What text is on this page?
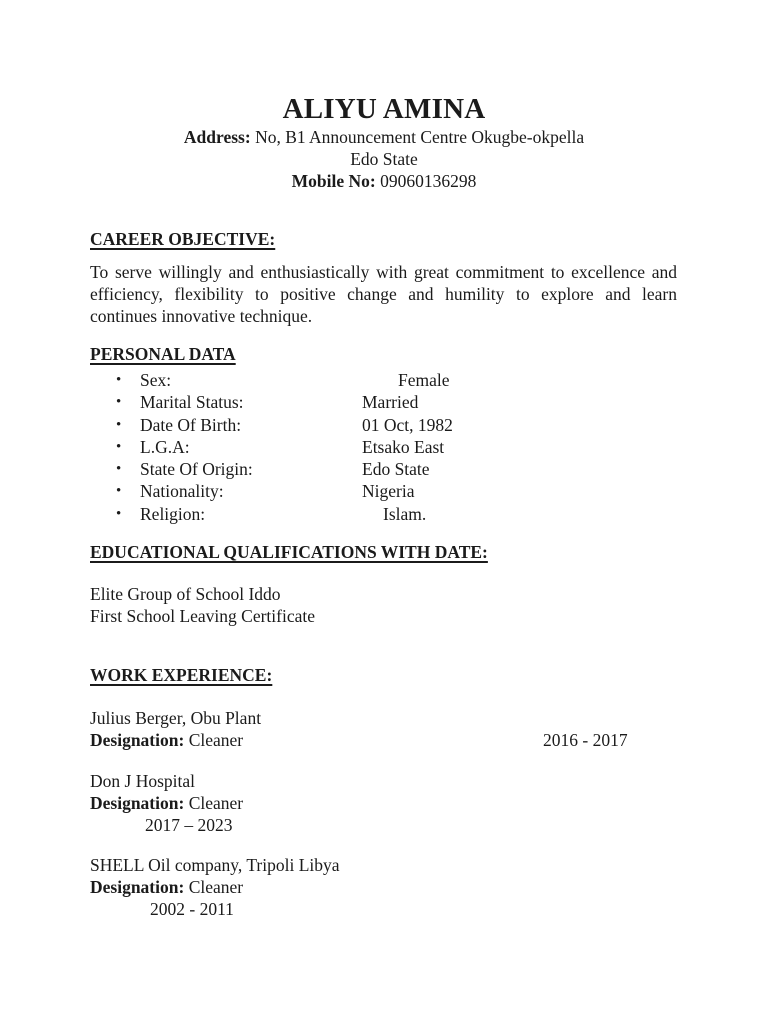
ALIYU AMINA

Address: No, B1 Announcement Centre Okugbe-okpella

Edo State

Mobile No: 09060136298

CAREER OBJECTIVE:
To serve willingly and enthusiastically with great commitment to excellence and
efficiency, flexibility to positive change and humility to explore and learn
continues innovative technique.
PERSONAL DATA
• Sex:	Female
• Marital Status:	Married
• Date Of Birth:	01 Oct, 1982
• L.G.A:	Etsako East
• State Of Origin:	Edo State
• Nationality:	Nigeria
• Religion:	Islam.
EDUCATIONAL QUALIFICATIONS WITH DATE:

Elite Group of School Iddo

First School Leaving Certificate

WORK EXPERIENCE:

Julius Berger, Obu Plant

Designation: Cleaner	2016 - 2017

Don J Hospital

Designation: Cleaner

2017 – 2023

SHELL Oil company, Tripoli Libya

Designation: Cleaner

2002 - 2011
